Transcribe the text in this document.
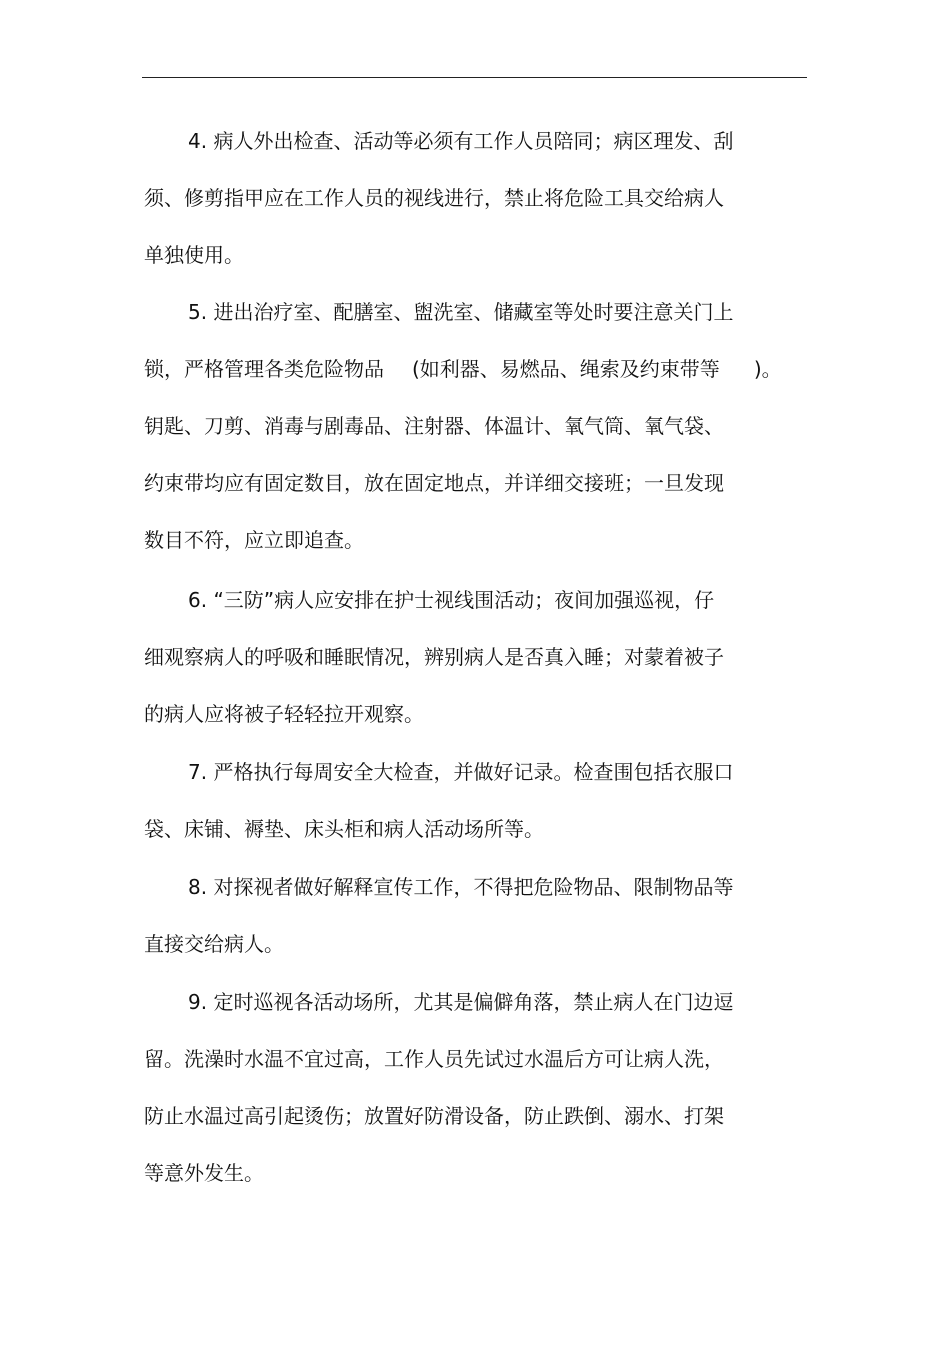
4. 病人外出检查、活动等必须有工作人员陪同；病区理发、刮
须、修剪指甲应在工作人员的视线进行，禁止将危险工具交给病人
单独使用。
5. 进出治疗室、配膳室、盥洗室、储藏室等处时要注意关门上
锁，严格管理各类危险物品 (如利器、易燃品、绳索及约束带等 )。
钥匙、刀剪、消毒与剧毒品、注射器、体温计、氧气筒、氧气袋、
约束带均应有固定数目，放在固定地点，并详细交接班；一旦发现
数目不符，应立即追查。
6. “三防”病人应安排在护士视线围活动；夜间加强巡视，仔
细观察病人的呼吸和睡眠情况，辨别病人是否真入睡；对蒙着被子
的病人应将被子轻轻拉开观察。
7. 严格执行每周安全大检查，并做好记录。检查围包括衣服口
袋、床铺、褥垫、床头柜和病人活动场所等。
8. 对探视者做好解释宣传工作，不得把危险物品、限制物品等
直接交给病人。
9. 定时巡视各活动场所，尤其是偏僻角落，禁止病人在门边逗
留。洗澡时水温不宜过高，工作人员先试过水温后方可让病人洗，
防止水温过高引起烫伤；放置好防滑设备，防止跌倒、溺水、打架
等意外发生。
